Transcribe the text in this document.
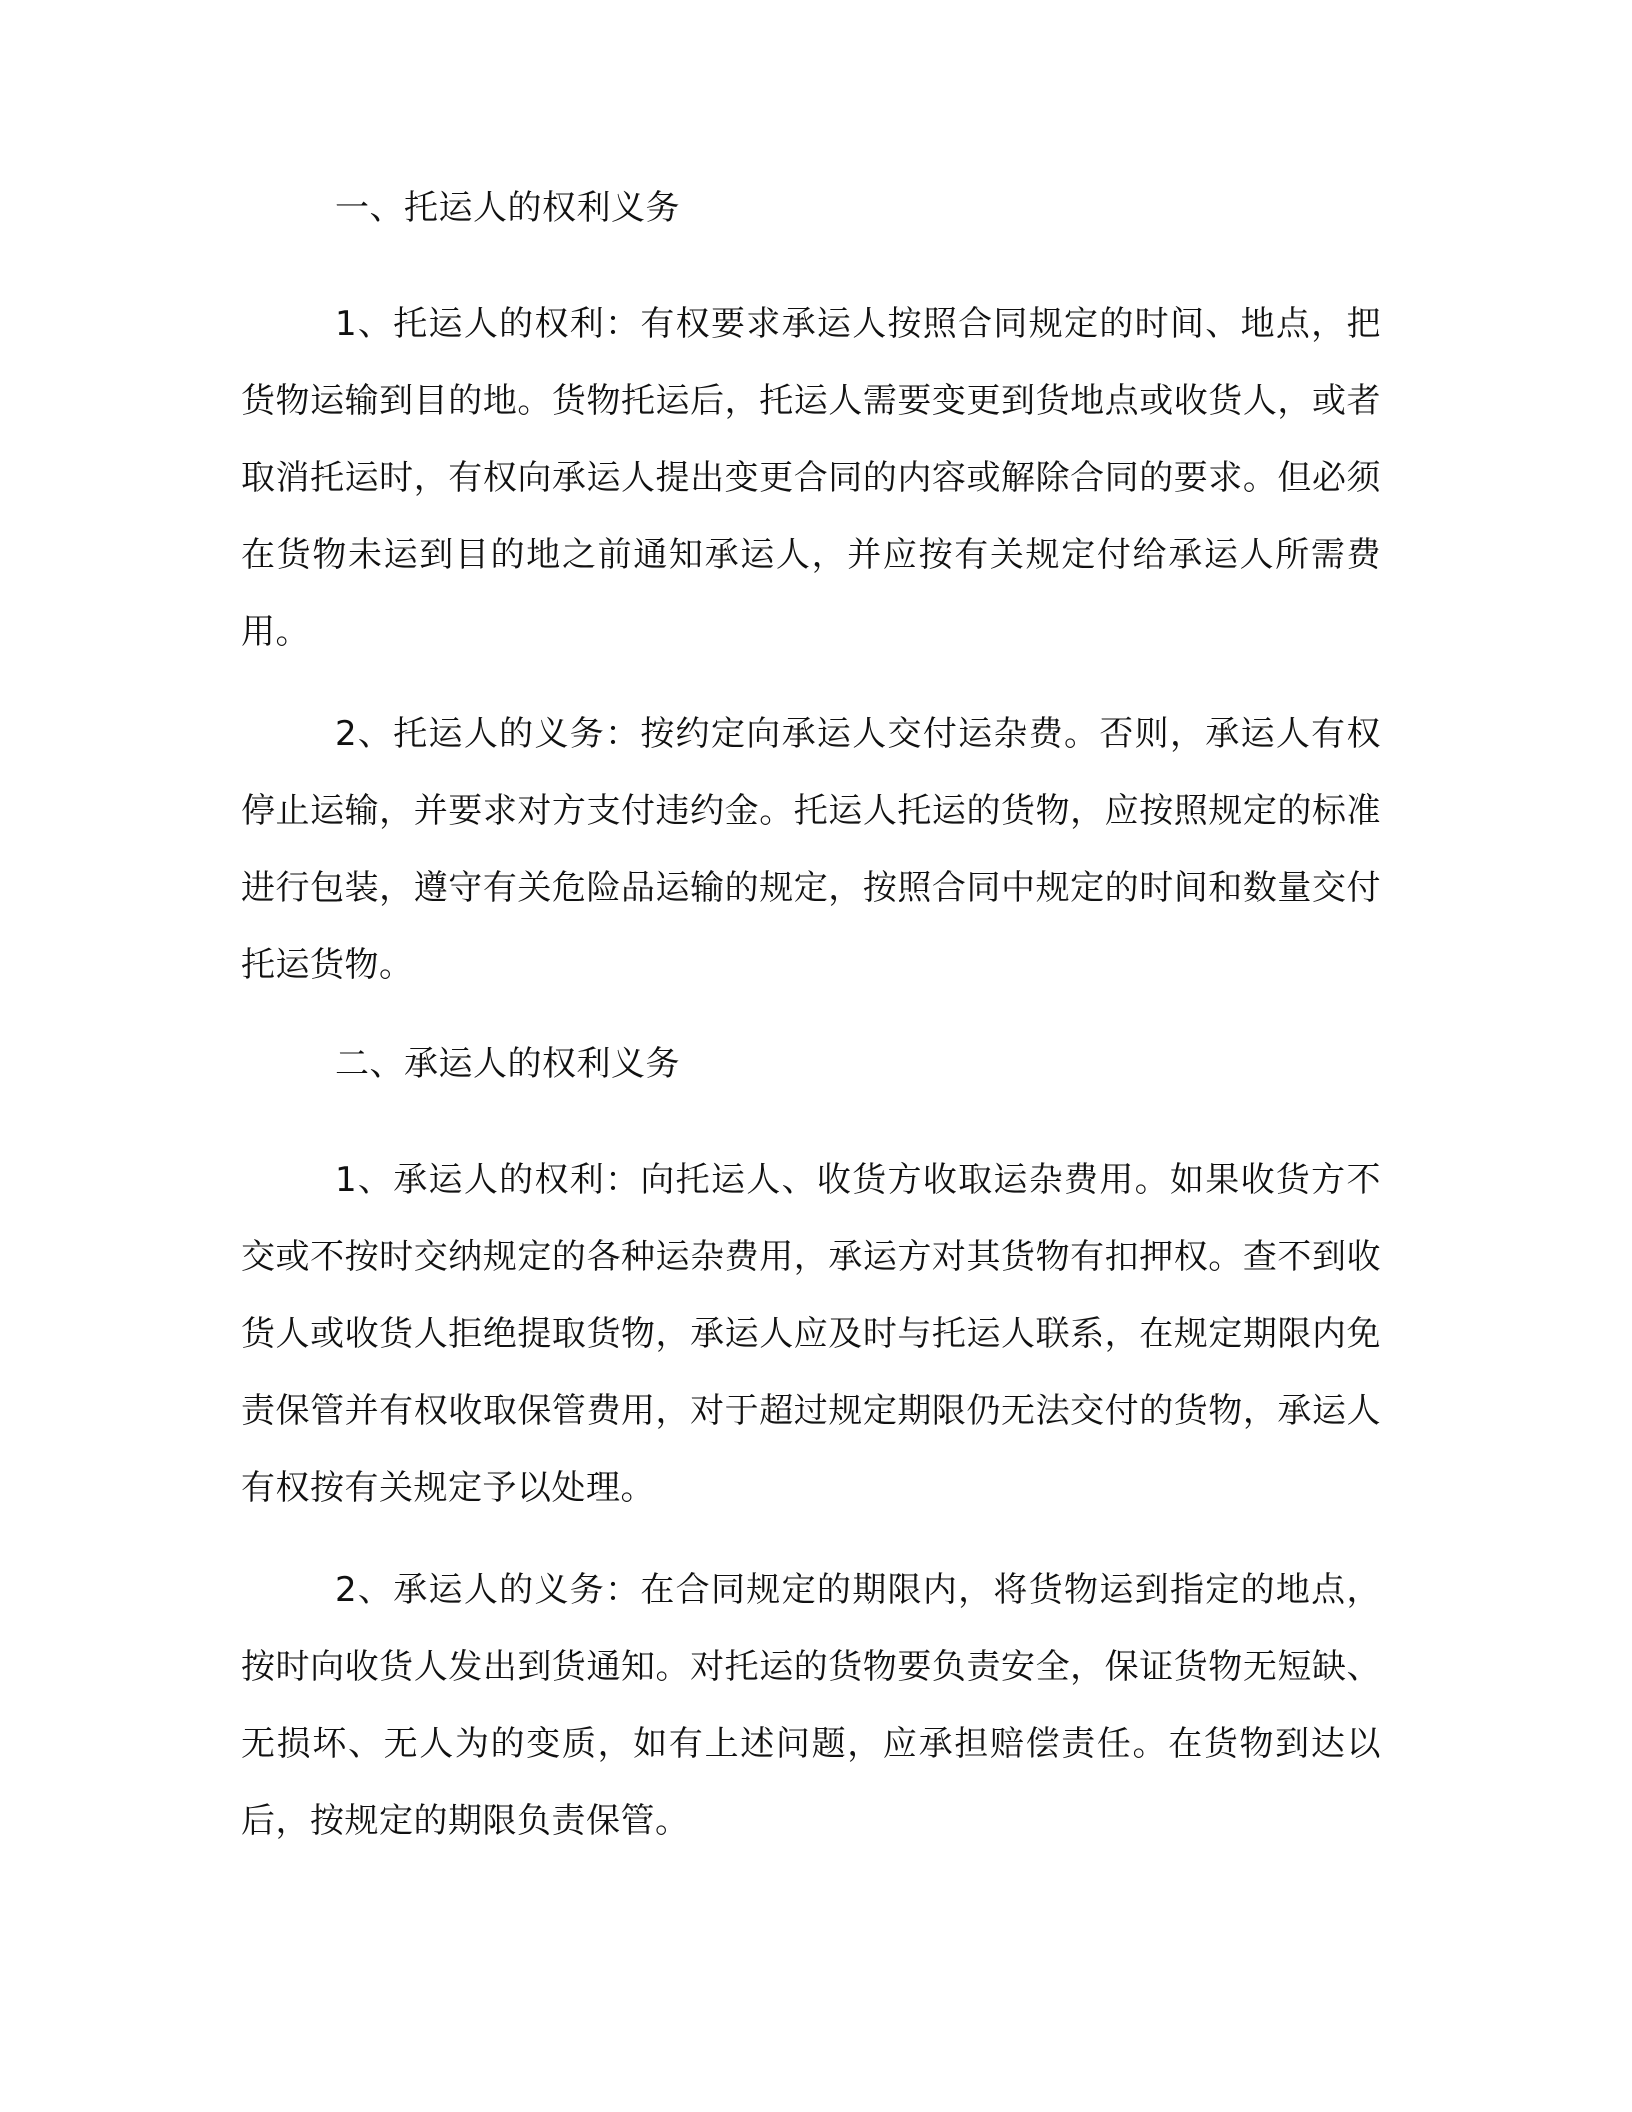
一、托运人的权利义务

1、托运人的权利：有权要求承运人按照合同规定的时间、地点，把货物运输到目的地。货物托运后，托运人需要变更到货地点或收货人，或者取消托运时，有权向承运人提出变更合同的内容或解除合同的要求。但必须在货物未运到目的地之前通知承运人，并应按有关规定付给承运人所需费用。

2、托运人的义务：按约定向承运人交付运杂费。否则，承运人有权停止运输，并要求对方支付违约金。托运人托运的货物，应按照规定的标准进行包装，遵守有关危险品运输的规定，按照合同中规定的时间和数量交付托运货物。

二、承运人的权利义务

1、承运人的权利：向托运人、收货方收取运杂费用。如果收货方不交或不按时交纳规定的各种运杂费用，承运方对其货物有扣押权。查不到收货人或收货人拒绝提取货物，承运人应及时与托运人联系，在规定期限内免责保管并有权收取保管费用，对于超过规定期限仍无法交付的货物，承运人有权按有关规定予以处理。

2、承运人的义务：在合同规定的期限内，将货物运到指定的地点，按时向收货人发出到货通知。对托运的货物要负责安全，保证货物无短缺、无损坏、无人为的变质，如有上述问题，应承担赔偿责任。在货物到达以后，按规定的期限负责保管。
